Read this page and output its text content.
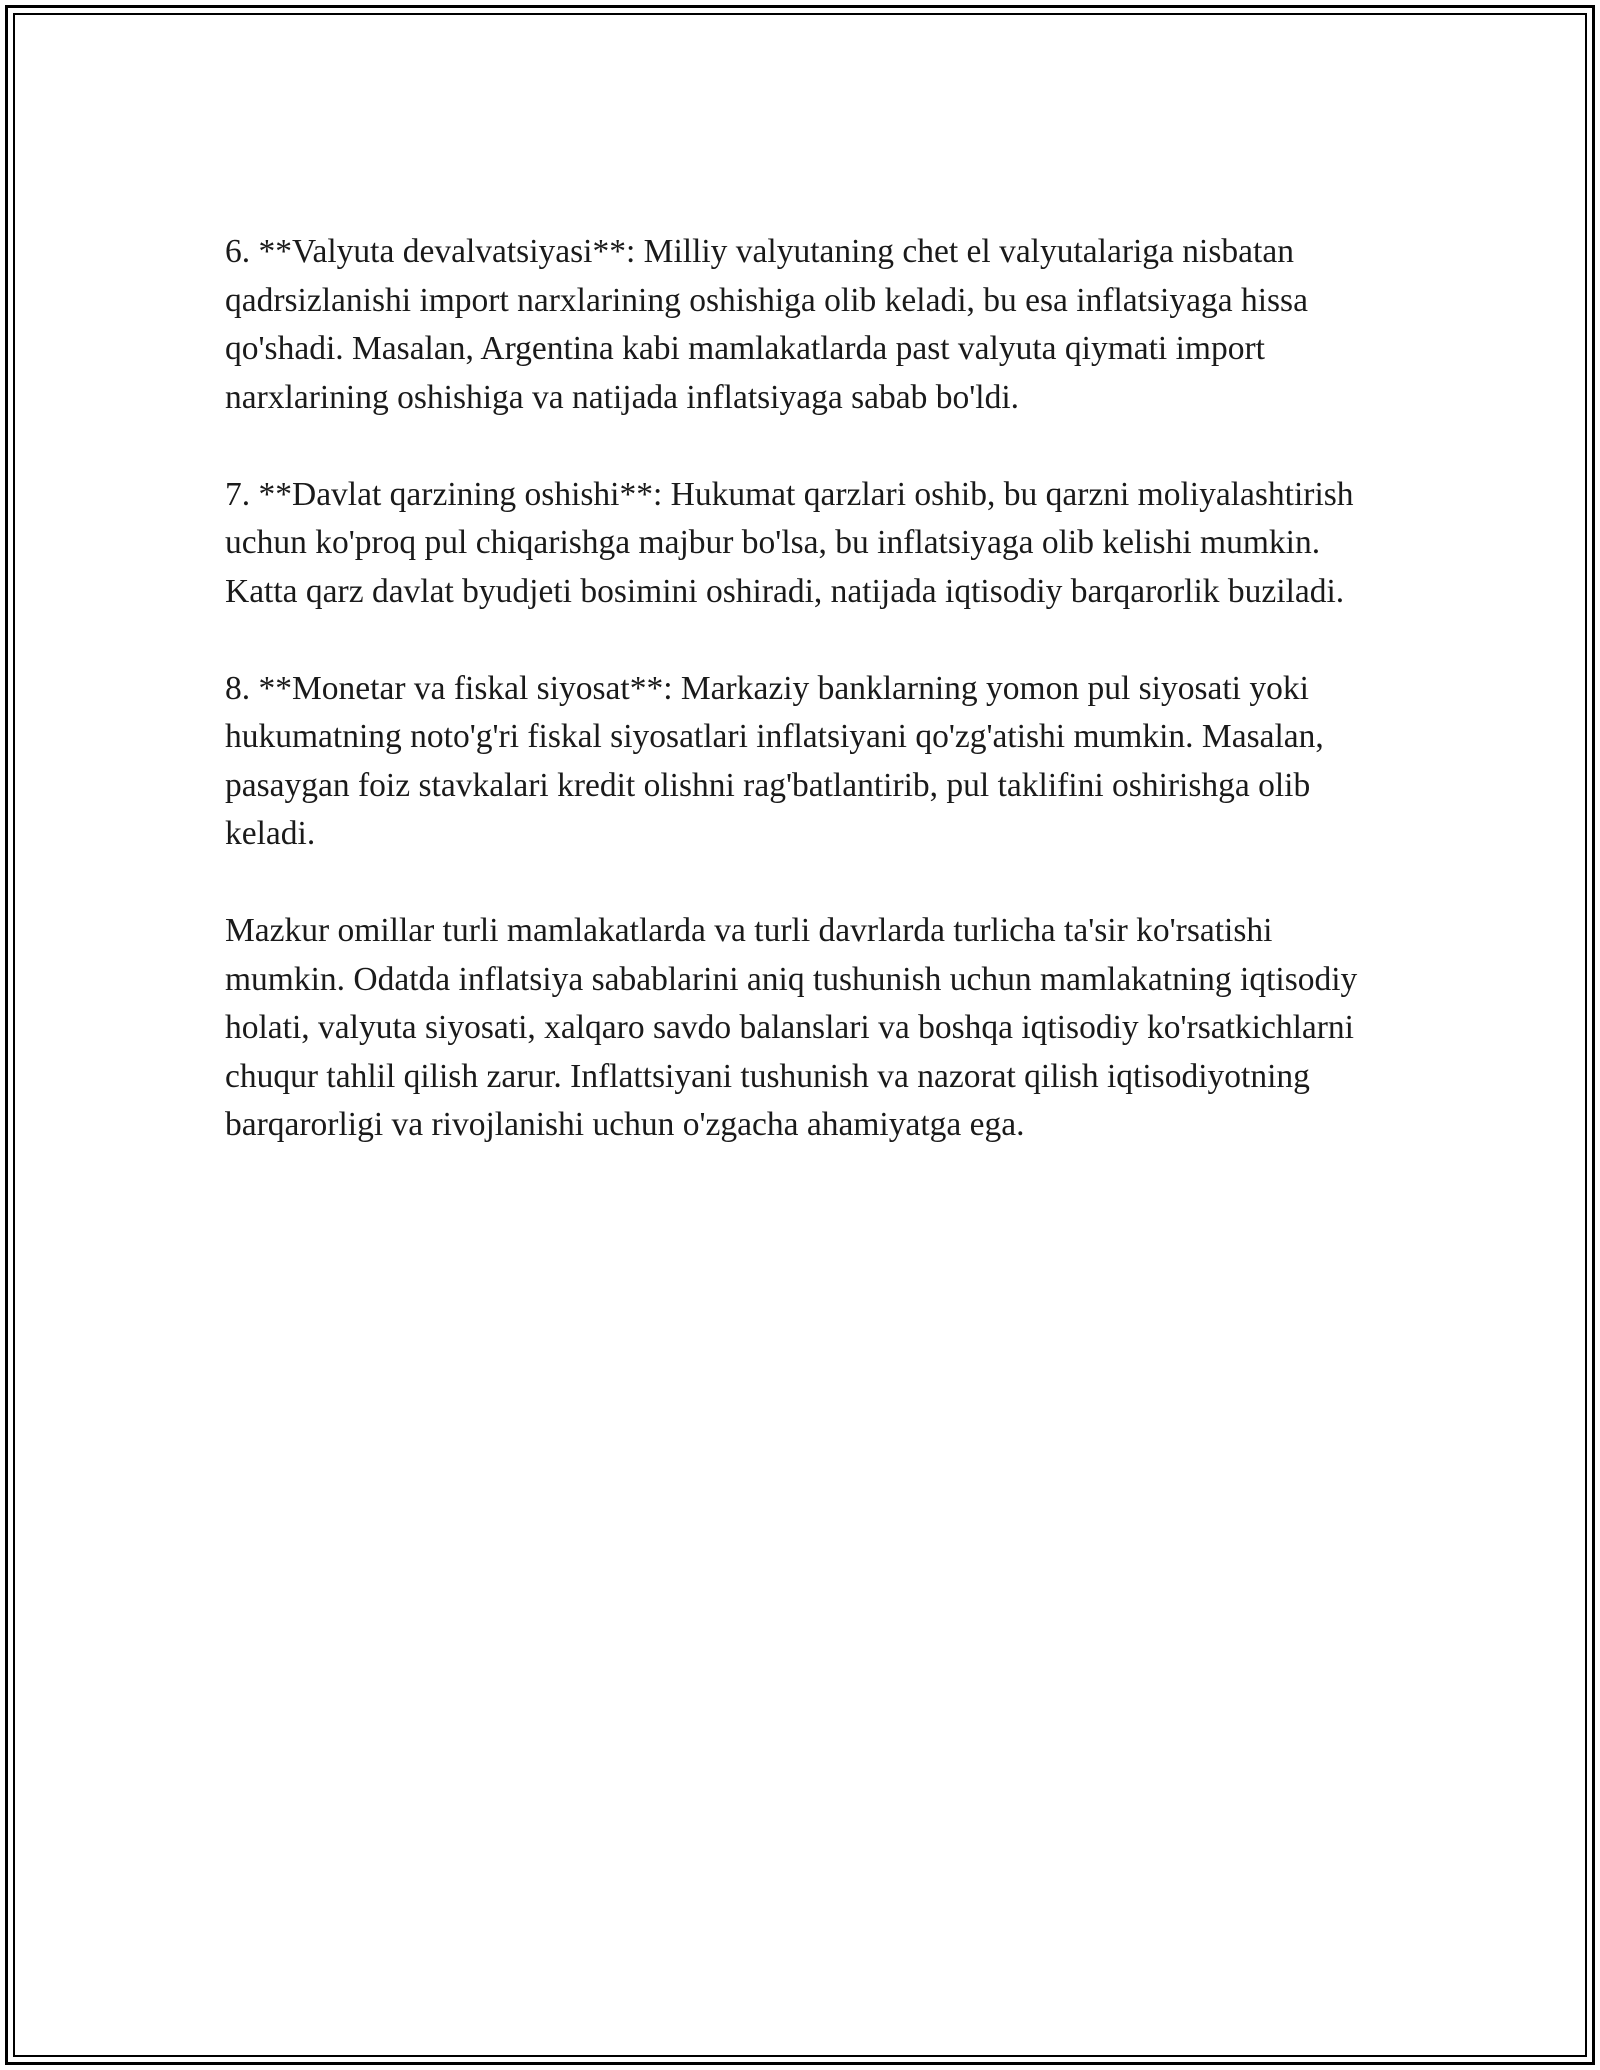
6. **Valyuta devalvatsiyasi**: Milliy valyutaning chet el valyutalariga nisbatan qadrsizlanishi import narxlarining oshishiga olib keladi, bu esa inflatsiyaga hissa qo'shadi. Masalan, Argentina kabi mamlakatlarda past valyuta qiymati import narxlarining oshishiga va natijada inflatsiyaga sabab bo'ldi.

7. **Davlat qarzining oshishi**: Hukumat qarzlari oshib, bu qarzni moliyalashtirish uchun ko'proq pul chiqarishga majbur bo'lsa, bu inflatsiyaga olib kelishi mumkin. Katta qarz davlat byudjeti bosimini oshiradi, natijada iqtisodiy barqarorlik buziladi.

8. **Monetar va fiskal siyosat**: Markaziy banklarning yomon pul siyosati yoki hukumatning noto'g'ri fiskal siyosatlari inflatsiyani qo'zg'atishi mumkin. Masalan, pasaygan foiz stavkalari kredit olishni rag'batlantirib, pul taklifini oshirishga olib keladi.

Mazkur omillar turli mamlakatlarda va turli davrlarda turlicha ta'sir ko'rsatishi mumkin. Odatda inflatsiya sabablarini aniq tushunish uchun mamlakatning iqtisodiy holati, valyuta siyosati, xalqaro savdo balanslari va boshqa iqtisodiy ko'rsatkichlarni chuqur tahlil qilish zarur. Inflattsiyani tushunish va nazorat qilish iqtisodiyotning barqarorligi va rivojlanishi uchun o'zgacha ahamiyatga ega.
